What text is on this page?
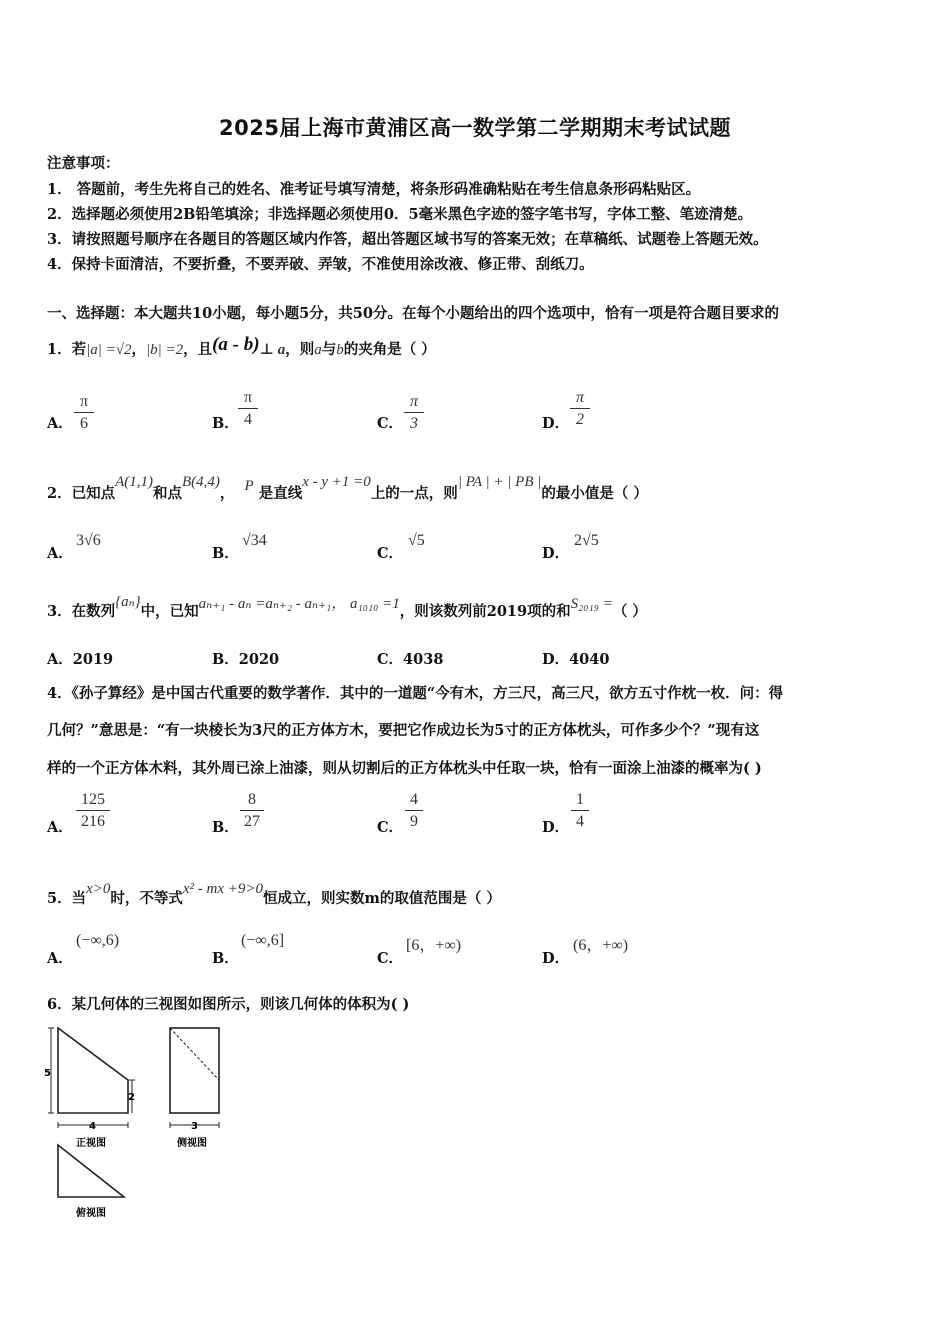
2025届上海市黄浦区高一数学第二学期期末考试试题
注意事项：
1． 答题前，考生先将自己的姓名、准考证号填写清楚，将条形码准确粘贴在考生信息条形码粘贴区。
2．选择题必须使用2B铅笔填涂；非选择题必须使用0．5毫米黑色字迹的签字笔书写，字体工整、笔迹清楚。
3．请按照题号顺序在各题目的答题区域内作答，超出答题区域书写的答案无效；在草稿纸、试题卷上答题无效。
4．保持卡面清洁，不要折叠，不要弄破、弄皱，不准使用涂改液、修正带、刮纸刀。
一、选择题：本大题共10小题，每小题5分，共50分。在每个小题给出的四个选项中，恰有一项是符合题目要求的
1．若|a| =√2，|b| =2，且(a - b)⊥ a，则a与b的夹角是（ ）
A． $\frac{\pi}{6}$	B． $\frac{\pi}{4}$	C． $\frac{\pi}{3}$	D． $\frac{\pi}{2}$
2．已知点A(1,1)和点B(4,4)， P 是直线x - y +1 =0上的一点，则| PA | + | PB |的最小值是（ ）
A．
3√6
B．
√34
C．
√5
D．
2√5
3．在数列{aₙ}中，已知aₙ₊₁ - aₙ =aₙ₊₂ - aₙ₊₁， a₁₀₁₀ =1，则该数列前2019项的和S₂₀₁₉ =（ ）
A．2019	B．2020	C．4038	D．4040
4．《孙子算经》是中国古代重要的数学著作．其中的一道题“今有木，方三尺，高三尺，欲方五寸作枕一枚．问：得
几何？”意思是：“有一块棱长为3尺的正方体方木，要把它作成边长为5寸的正方体枕头，可作多少个？”现有这
样的一个正方体木料，其外周已涂上油漆，则从切割后的正方体枕头中任取一块，恰有一面涂上油漆的概率为( )
A． $\frac{125}{216}$	B． $\frac{8}{27}$	C． $\frac{4}{9}$	D． $\frac{1}{4}$
5．当x>0时，不等式x² - mx +9>0恒成立，则实数m的取值范围是（ ）
A．
(−∞,6)
B．
(−∞,6]
C．
[6，+∞)
D．
(6，+∞)
6．某几何体的三视图如图所示，则该几何体的体积为( )
5
2
4
正视图
3
侧视图
俯视图
